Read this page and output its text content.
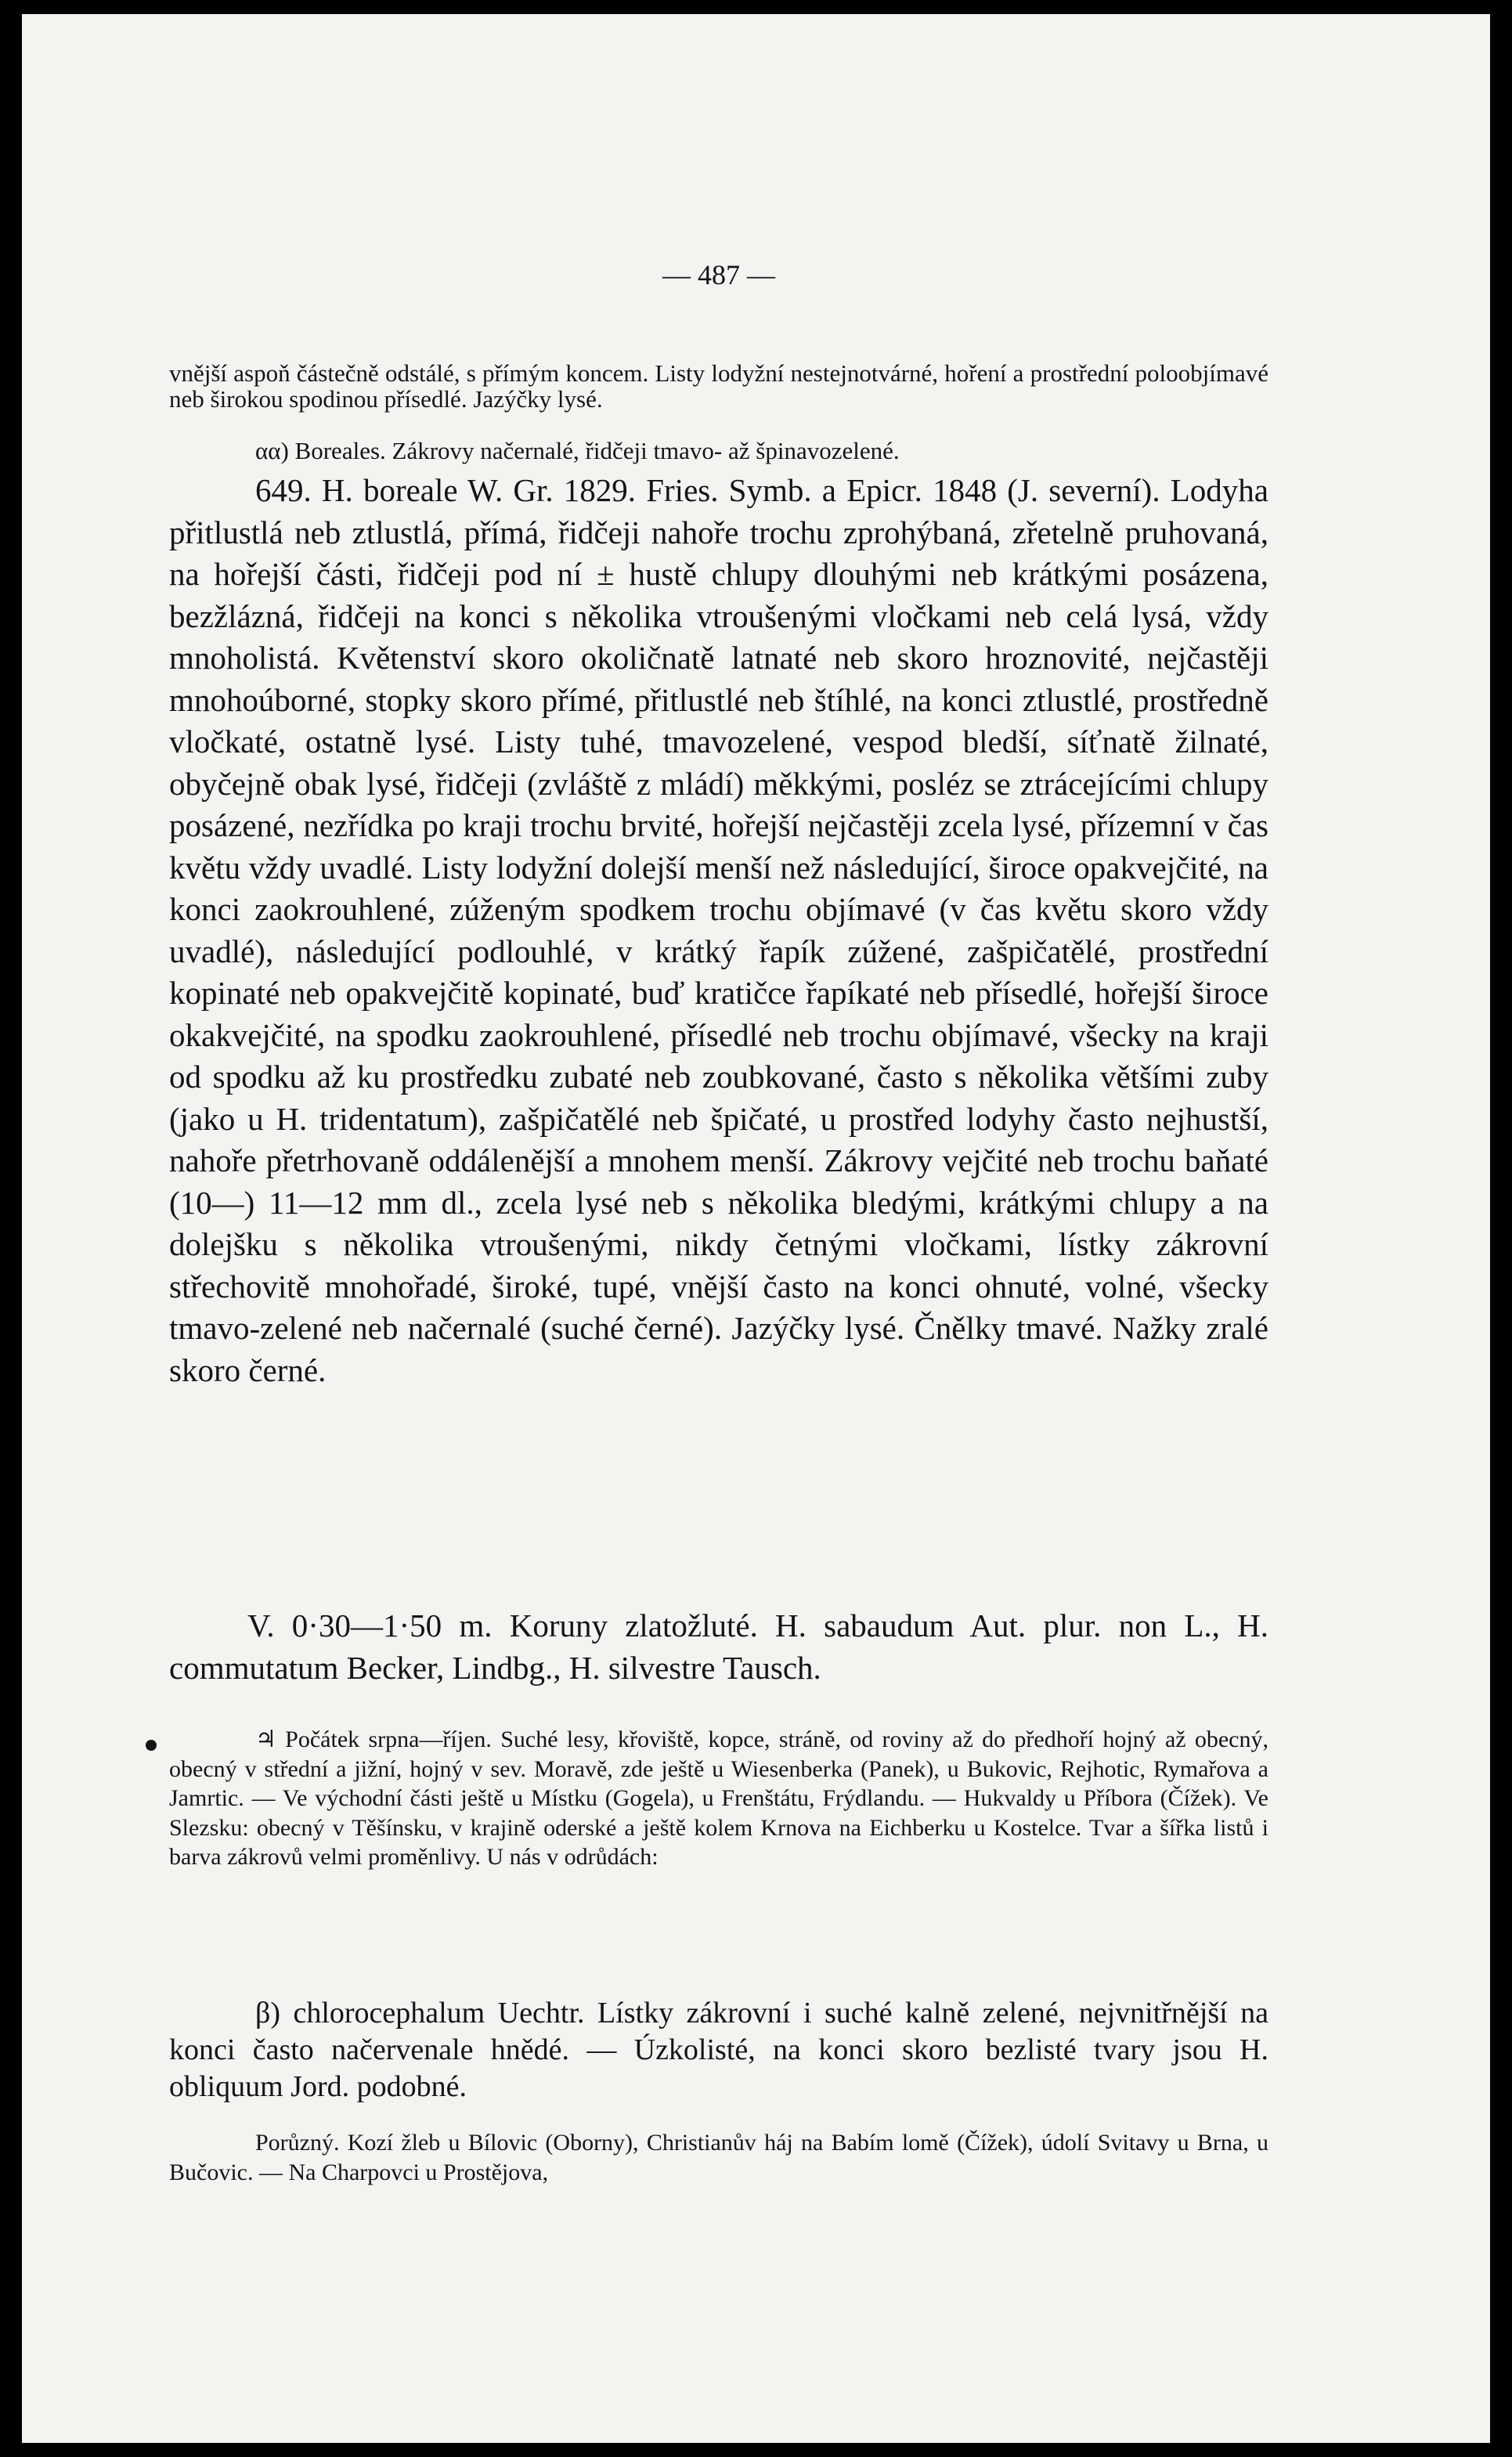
— 487 —

vnější aspoň částečně odstálé, s přímým koncem. Listy lodyžní nestejnotvárné, hoření a prostřední poloobjímavé neb širokou spodinou přísedlé. Jazýčky lysé.

αα) Boreales. Zákrovy načernalé, řidčeji tmavo- až špinavozelené.

649. H. boreale W. Gr. 1829. Fries. Symb. a Epicr. 1848 (J. severní). Lodyha přitlustlá neb ztlustlá, přímá, řidčeji nahoře trochu zprohýbaná, zřetelně pruhovaná, na hořejší části, řidčeji pod ní ± hustě chlupy dlouhými neb krátkými posázena, bezžlázná, řidčeji na konci s několika vtroušenými vločkami neb celá lysá, vždy mnoholistá. Květenství skoro okoličnatě latnaté neb skoro hroznovité, nejčastěji mnohoúborné, stopky skoro přímé, přitlustlé neb štíhlé, na konci ztlustlé, prostředně vločkaté, ostatně lysé. Listy tuhé, tmavozelené, vespod bledší, síťnatě žilnaté, obyčejně obak lysé, řidčeji (zvláště z mládí) měkkými, posléz se ztrácejícími chlupy posázené, nezřídka po kraji trochu brvité, hořejší nejčastěji zcela lysé, přízemní v čas květu vždy uvadlé. Listy lodyžní dolejší menší než následující, široce opakvejčité, na konci zaokrouhlené, zúženým spodkem trochu objímavé (v čas květu skoro vždy uvadlé), následující podlouhlé, v krátký řapík zúžené, zašpičatělé, prostřední kopinaté neb opakvejčitě kopinaté, buď kratičce řapíkaté neb přísedlé, hořejší široce okakvejčité, na spodku zaokrouhlené, přísedlé neb trochu objímavé, všecky na kraji od spodku až ku prostředku zubaté neb zoubkované, často s několika většími zuby (jako u H. tridentatum), zašpičatělé neb špičaté, u prostřed lodyhy často nejhustší, nahoře přetrhovaně oddálenější a mnohem menší. Zákrovy vejčité neb trochu baňaté (10—) 11—12 mm dl., zcela lysé neb s několika bledými, krátkými chlupy a na dolejšku s několika vtroušenými, nikdy četnými vločkami, lístky zákrovní střechovitě mnohořadé, široké, tupé, vnější často na konci ohnuté, volné, všecky tmavo-zelené neb načernalé (suché černé). Jazýčky lysé. Čnělky tmavé. Nažky zralé skoro černé.

V. 0·30—1·50 m. Koruny zlatožluté. H. sabaudum Aut. plur. non L., H. commutatum Becker, Lindbg., H. silvestre Tausch.

♃ Počátek srpna—říjen. Suché lesy, křoviště, kopce, stráně, od roviny až do předhoří hojný až obecný, obecný v střední a jižní, hojný v sev. Moravě, zde ještě u Wiesenberka (Panek), u Bukovic, Rejhotic, Rymařova a Jamrtic. — Ve východní části ještě u Místku (Gogela), u Frenštátu, Frýdlandu. — Hukvaldy u Příbora (Čížek). Ve Slezsku: obecný v Těšínsku, v krajině oderské a ještě kolem Krnova na Eichberku u Kostelce. Tvar a šířka listů i barva zákrovů velmi proměnlivy. U nás v odrůdách:

β) chlorocephalum Uechtr. Lístky zákrovní i suché kalně zelené, nejvnitřnější na konci často načervenale hnědé. — Úzkolisté, na konci skoro bezlisté tvary jsou H. obliquum Jord. podobné.

Porůzný. Kozí žleb u Bílovic (Oborny), Christianův háj na Babím lomě (Čížek), údolí Svitavy u Brna, u Bučovic. — Na Charpovci u Prostějova,
